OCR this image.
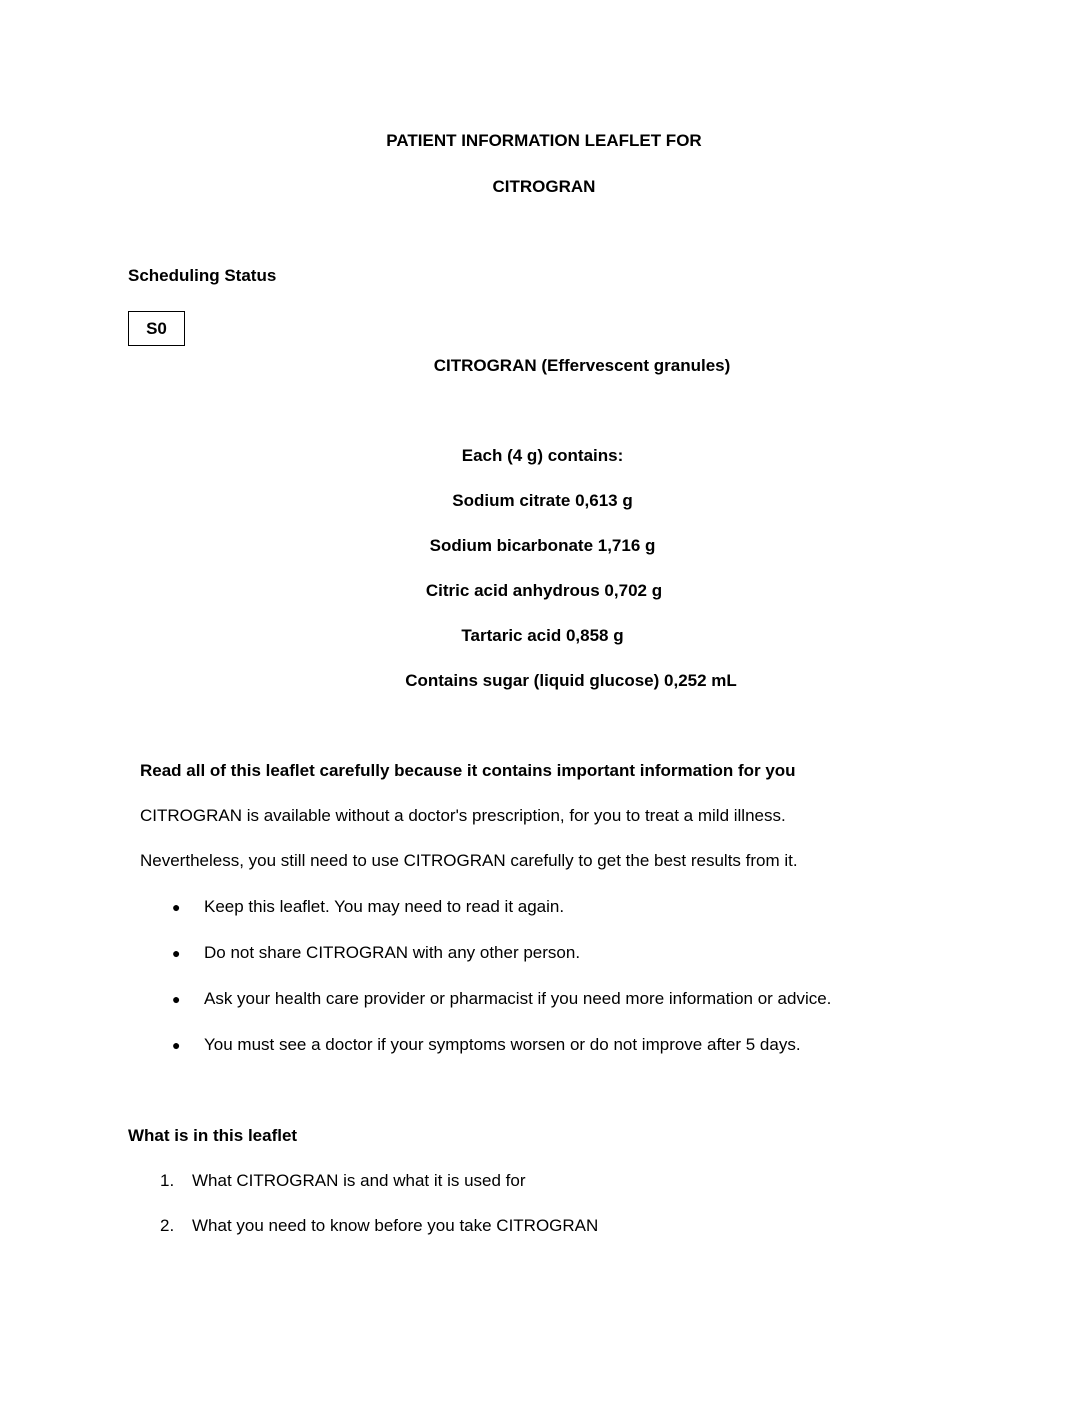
PATIENT INFORMATION LEAFLET FOR
CITROGRAN
Scheduling Status
S0
CITROGRAN (Effervescent granules)
Each (4 g) contains:
Sodium citrate 0,613 g
Sodium bicarbonate 1,716 g
Citric acid anhydrous 0,702 g
Tartaric acid 0,858 g
Contains sugar (liquid glucose) 0,252 mL
Read all of this leaflet carefully because it contains important information for you
CITROGRAN is available without a doctor's prescription, for you to treat a mild illness.
Nevertheless, you still need to use CITROGRAN carefully to get the best results from it.
● Keep this leaflet. You may need to read it again.
● Do not share CITROGRAN with any other person.
● Ask your health care provider or pharmacist if you need more information or advice.
● You must see a doctor if your symptoms worsen or do not improve after 5 days.
What is in this leaflet
1. What CITROGRAN is and what it is used for
2. What you need to know before you take CITROGRAN
